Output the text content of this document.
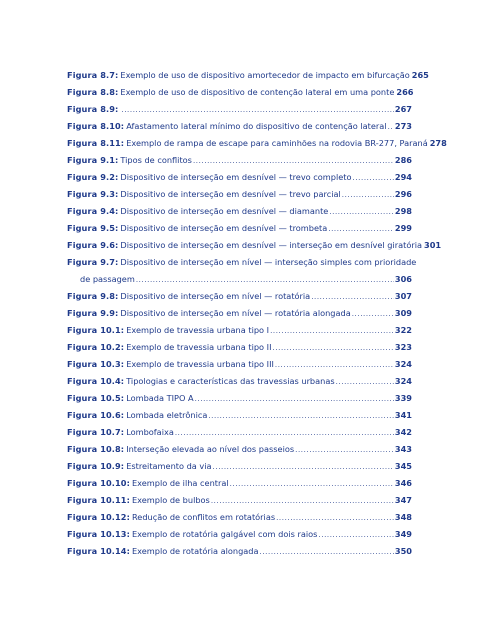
Figura 8.7: Exemplo de uso de dispositivo amortecedor de impacto em bifurcação 265
Figura 8.8: Exemplo de uso de dispositivo de contenção lateral em uma ponte 266
Figura 8.9: .....	267
Figura 8.10: Afastamento lateral mínimo do dispositivo de contenção lateral ..... 273
Figura 8.11: Exemplo de rampa de escape para caminhões na rodovia BR-277, Paraná 278
Figura 9.1: Tipos de conflitos .....	286
Figura 9.2: Dispositivo de interseção em desnível — trevo completo .....	294
Figura 9.3: Dispositivo de interseção em desnível — trevo parcial .....	296
Figura 9.4: Dispositivo de interseção em desnível — diamante .....	298
Figura 9.5: Dispositivo de interseção em desnível — trombeta .....	299
Figura 9.6: Dispositivo de interseção em desnível — interseção em desnível giratória 301
Figura 9.7: Dispositivo de interseção em nível — interseção simples com prioridade
de passagem .....	306
Figura 9.8: Dispositivo de interseção em nível — rotatória .....	307
Figura 9.9: Dispositivo de interseção em nível — rotatória alongada .....	309
Figura 10.1: Exemplo de travessia urbana tipo I .....	322
Figura 10.2: Exemplo de travessia urbana tipo II .....	323
Figura 10.3: Exemplo de travessia urbana tipo III .....	324
Figura 10.4: Tipologias e características das travessias urbanas .....	324
Figura 10.5: Lombada TIPO A .....	339
Figura 10.6: Lombada eletrônica .....	341
Figura 10.7: Lombofaixa .....	342
Figura 10.8: Interseção elevada ao nível dos passeios .....	343
Figura 10.9: Estreitamento da via .....	345
Figura 10.10: Exemplo de ilha central .....	346
Figura 10.11: Exemplo de bulbos .....	347
Figura 10.12: Redução de conflitos em rotatórias .....	348
Figura 10.13: Exemplo de rotatória galgável com dois raios .....	349
Figura 10.14: Exemplo de rotatória alongada .....	350
